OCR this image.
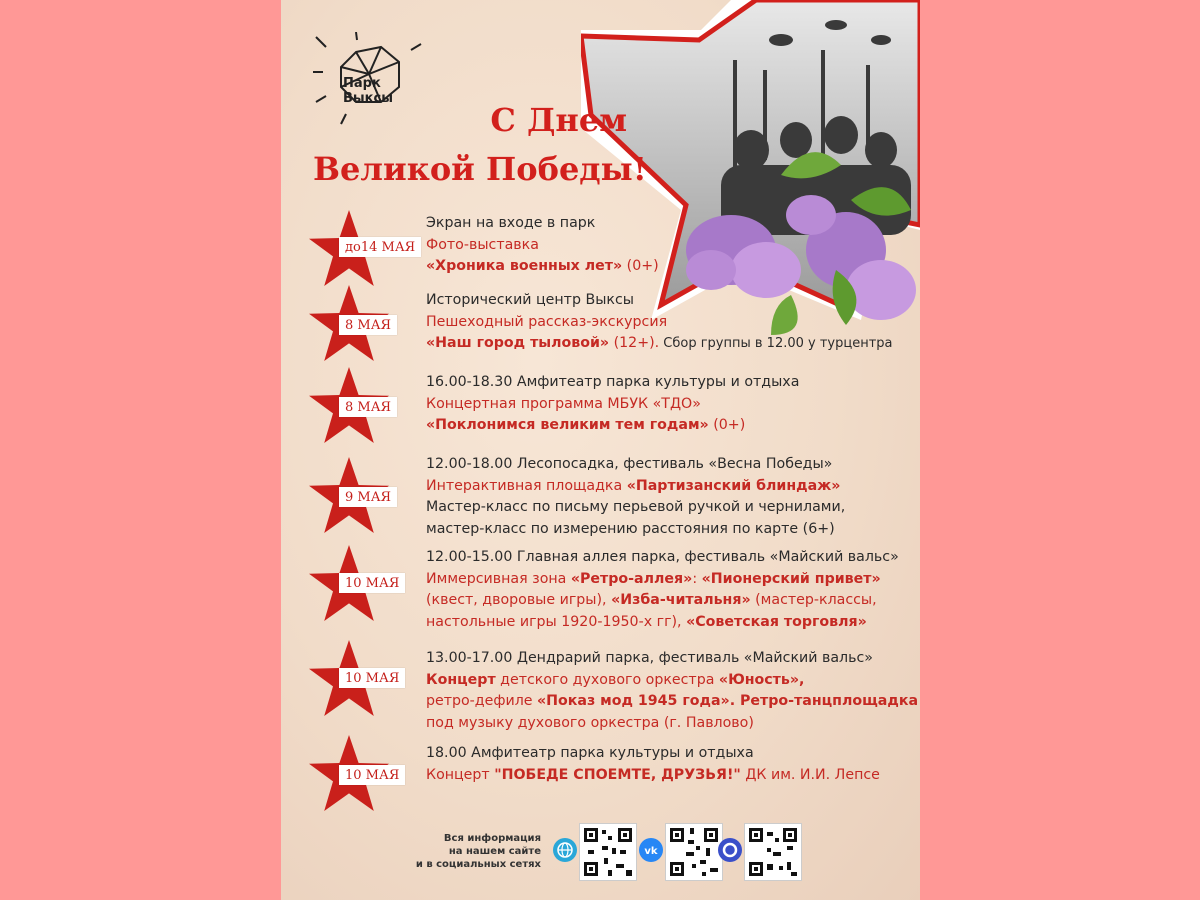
Парк
Выксы
С Днем
Великой Победы!
до14 МАЯ
Экран на входе в парк
Фото-выставка
«Хроника военных лет» (0+)
8 МАЯ
Исторический центр Выксы
Пешеходный рассказ-экскурсия
«Наш город тыловой» (12+). Сбор группы в 12.00 у турцентра
8 МАЯ
16.00-18.30 Амфитеатр парка культуры и отдыха
Концертная программа МБУК «ТДО»
«Поклонимся великим тем годам» (0+)
9 МАЯ
12.00-18.00 Лесопосадка, фестиваль «Весна Победы»
Интерактивная площадка «Партизанский блиндаж»
Мастер-класс по письму перьевой ручкой и чернилами,
мастер-класс по измерению расстояния по карте (6+)
10 МАЯ
12.00-15.00 Главная аллея парка, фестиваль «Майский вальс»
Иммерсивная зона «Ретро-аллея»: «Пионерский привет»
(квест, дворовые игры), «Изба-читальня» (мастер-классы,
настольные игры 1920-1950-х гг), «Советская торговля»
10 МАЯ
13.00-17.00 Дендрарий парка, фестиваль «Майский вальс»
Концерт детского духового оркестра «Юность»,
ретро-дефиле «Показ мод 1945 года». Ретро-танцплощадка
под музыку духового оркестра (г. Павлово)
10 МАЯ
18.00 Амфитеатр парка культуры и отдыха
Концерт "ПОБЕДЕ СПОЕМТЕ, ДРУЗЬЯ!" ДК им. И.И. Лепсе
Вся информация
на нашем сайте
и в социальных сетях
vk
